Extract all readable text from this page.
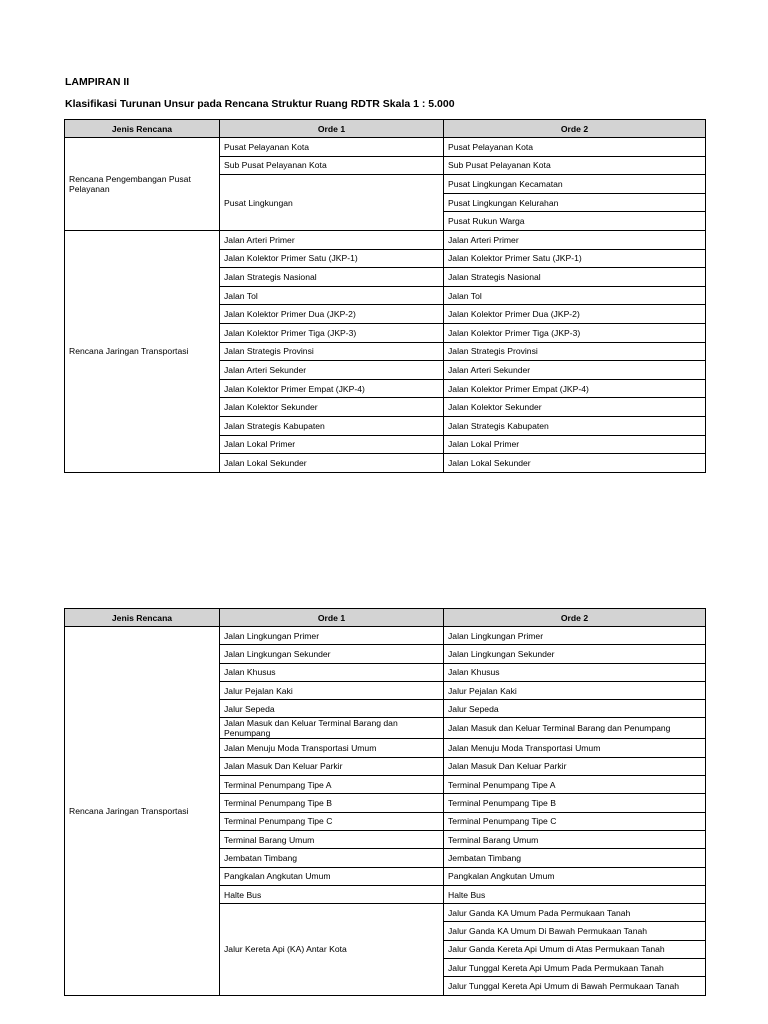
LAMPIRAN II

Klasifikasi Turunan Unsur pada Rencana Struktur Ruang RDTR Skala 1 : 5.000

Jenis Rencana	Orde 1	Orde 2
Rencana Pengembangan Pusat Pelayanan	Pusat Pelayanan Kota	Pusat Pelayanan Kota
	Sub Pusat Pelayanan Kota	Sub Pusat Pelayanan Kota
	Pusat Lingkungan	Pusat Lingkungan Kecamatan
		Pusat Lingkungan Kelurahan
		Pusat Rukun Warga
Rencana Jaringan Transportasi	Jalan Arteri Primer	Jalan Arteri Primer
	Jalan Kolektor Primer Satu (JKP-1)	Jalan Kolektor Primer Satu (JKP-1)
	Jalan Strategis Nasional	Jalan Strategis Nasional
	Jalan Tol	Jalan Tol
	Jalan Kolektor Primer Dua (JKP-2)	Jalan Kolektor Primer Dua (JKP-2)
	Jalan Kolektor Primer Tiga (JKP-3)	Jalan Kolektor Primer Tiga (JKP-3)
	Jalan Strategis Provinsi	Jalan Strategis Provinsi
	Jalan Arteri Sekunder	Jalan Arteri Sekunder
	Jalan Kolektor Primer Empat (JKP-4)	Jalan Kolektor Primer Empat (JKP-4)
	Jalan Kolektor Sekunder	Jalan Kolektor Sekunder
	Jalan Strategis Kabupaten	Jalan Strategis Kabupaten
	Jalan Lokal Primer	Jalan Lokal Primer
	Jalan Lokal Sekunder	Jalan Lokal Sekunder
Jenis Rencana	Orde 1	Orde 2
Rencana Jaringan Transportasi	Jalan Lingkungan Primer	Jalan Lingkungan Primer
	Jalan Lingkungan Sekunder	Jalan Lingkungan Sekunder
	Jalan Khusus	Jalan Khusus
	Jalur Pejalan Kaki	Jalur Pejalan Kaki
	Jalur Sepeda	Jalur Sepeda
	Jalan Masuk dan Keluar Terminal Barang dan Penumpang	Jalan Masuk dan Keluar Terminal Barang dan Penumpang
	Jalan Menuju Moda Transportasi Umum	Jalan Menuju Moda Transportasi Umum
	Jalan Masuk Dan Keluar Parkir	Jalan Masuk Dan Keluar Parkir
	Terminal Penumpang Tipe A	Terminal Penumpang Tipe A
	Terminal Penumpang Tipe B	Terminal Penumpang Tipe B
	Terminal Penumpang Tipe C	Terminal Penumpang Tipe C
	Terminal Barang Umum	Terminal Barang Umum
	Jembatan Timbang	Jembatan Timbang
	Pangkalan Angkutan Umum	Pangkalan Angkutan Umum
	Halte Bus	Halte Bus
	Jalur Kereta Api (KA) Antar Kota	Jalur Ganda KA Umum Pada Permukaan Tanah
		Jalur Ganda KA Umum Di Bawah Permukaan Tanah
		Jalur Ganda Kereta Api Umum di Atas Permukaan Tanah
		Jalur Tunggal Kereta Api Umum Pada Permukaan Tanah
		Jalur Tunggal Kereta Api Umum di Bawah Permukaan Tanah
